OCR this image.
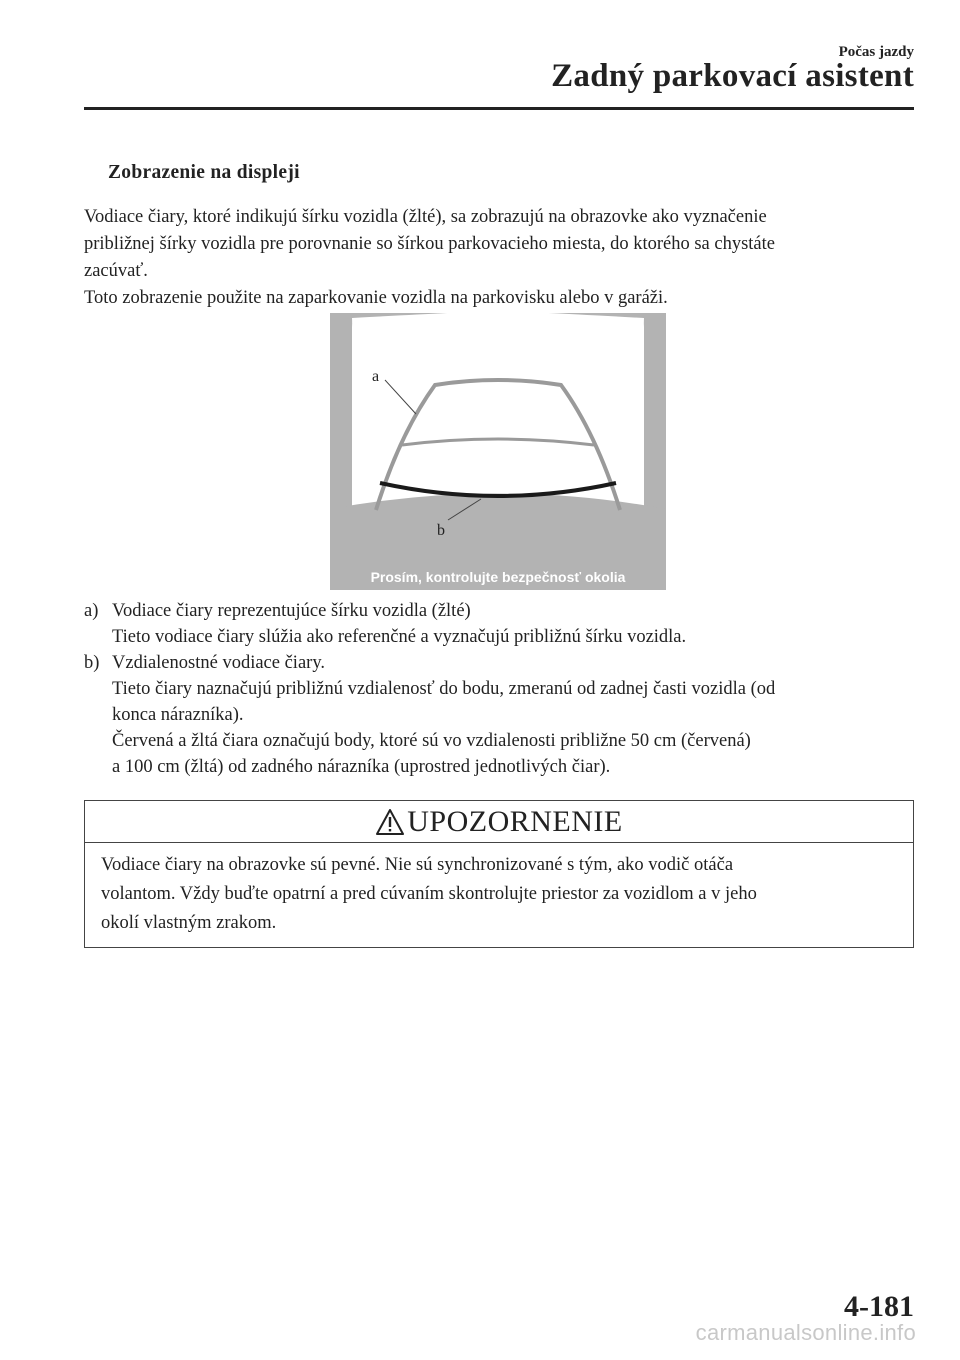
Počas jazdy
Zadný parkovací asistent
Zobrazenie na displeji

Vodiace čiary, ktoré indikujú šírku vozidla (žlté), sa zobrazujú na obrazovke ako vyznačenie

približnej šírky vozidla pre porovnanie so šírkou parkovacieho miesta, do ktorého sa chystáte

zacúvať.

Toto zobrazenie použite na zaparkovanie vozidla na parkovisku alebo v garáži.

a
b
Prosím, kontrolujte bezpečnosť okolia
a) Vodiace čiary reprezentujúce šírku vozidla (žlté)

Tieto vodiace čiary slúžia ako referenčné a vyznačujú približnú šírku vozidla.

b) Vzdialenostné vodiace čiary.

Tieto čiary naznačujú približnú vzdialenosť do bodu, zmeranú od zadnej časti vozidla (od

konca nárazníka).

Červená a žltá čiara označujú body, ktoré sú vo vzdialenosti približne 50 cm (červená)

a 100 cm (žltá) od zadného nárazníka (uprostred jednotlivých čiar).

UPOZORNENIE

Vodiace čiary na obrazovke sú pevné. Nie sú synchronizované s tým, ako vodič otáča

volantom. Vždy buďte opatrní a pred cúvaním skontrolujte priestor za vozidlom a v jeho

okolí vlastným zrakom.

4-181
carmanualsonline.info
